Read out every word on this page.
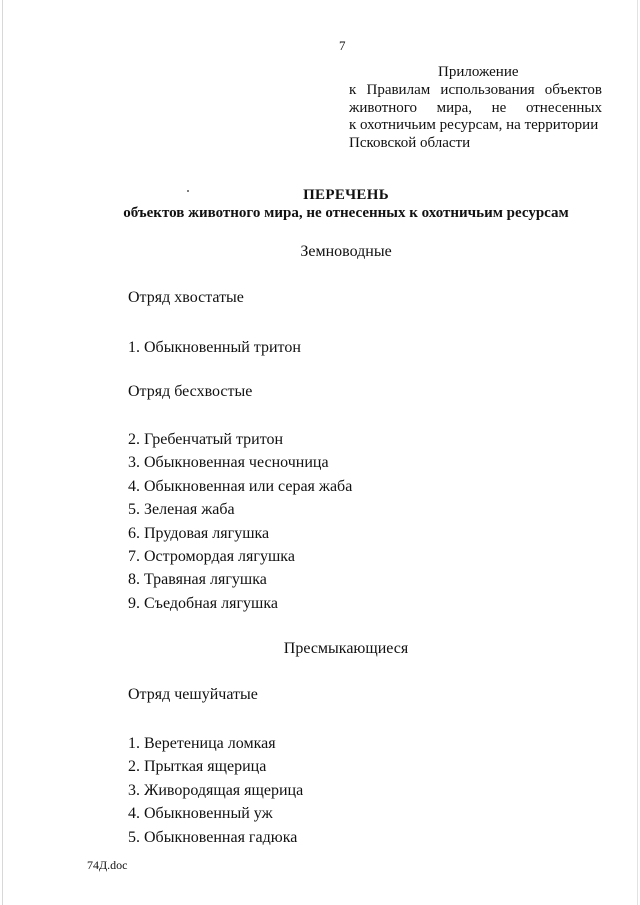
7
Приложение
к Правилам использования объектов
животного мира, не отнесенных
к охотничьим ресурсам, на территории
Псковской области
ПЕРЕЧЕНЬ
объектов животного мира, не отнесенных к охотничьим ресурсам
Земноводные
Отряд хвостатые
1. Обыкновенный тритон
Отряд бесхвостые
2. Гребенчатый тритон
3. Обыкновенная чесночница
4. Обыкновенная или серая жаба
5. Зеленая жаба
6. Прудовая лягушка
7. Остромордая лягушка
8. Травяная лягушка
9. Съедобная лягушка
Пресмыкающиеся
Отряд чешуйчатые
1. Веретеница ломкая
2. Прыткая ящерица
3. Живородящая ящерица
4. Обыкновенный уж
5. Обыкновенная гадюка
74Д.doc
